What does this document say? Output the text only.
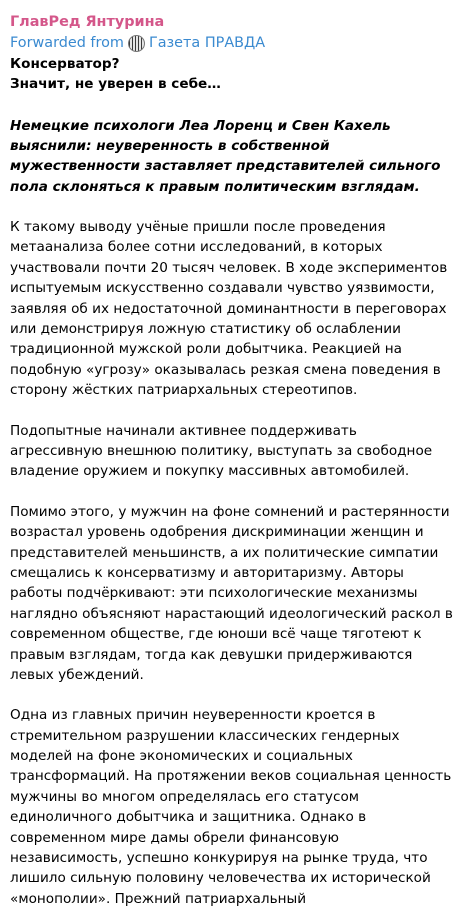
ГлавРед Янтурина
Forwarded from Газета ПРАВДА
Консерватор?
Значит, не уверен в себе…
Немецкие психологи Леа Лоренц и Свен Кахель выяснили: неуверенность в собственной мужественности заставляет представителей сильного пола склоняться к правым политическим взглядам.

К такому выводу учёные пришли после проведения метаанализа более сотни исследований, в которых участвовали почти 20 тысяч человек. В ходе экспериментов испытуемым искусственно создавали чувство уязвимости, заявляя об их недостаточной доминантности в переговорах или демонстрируя ложную статистику об ослаблении традиционной мужской роли добытчика. Реакцией на подобную «угрозу» оказывалась резкая смена поведения в сторону жёстких патриархальных стереотипов.

Подопытные начинали активнее поддерживать агрессивную внешнюю политику, выступать за свободное владение оружием и покупку массивных автомобилей.

Помимо этого, у мужчин на фоне сомнений и растерянности возрастал уровень одобрения дискриминации женщин и представителей меньшинств, а их политические симпатии смещались к консерватизму и авторитаризму. Авторы работы подчёркивают: эти психологические механизмы наглядно объясняют нарастающий идеологический раскол в современном обществе, где юноши всё чаще тяготеют к правым взглядам, тогда как девушки придерживаются левых убеждений.

Одна из главных причин неуверенности кроется в стремительном разрушении классических гендерных моделей на фоне экономических и социальных трансформаций. На протяжении веков социальная ценность мужчины во многом определялась его статусом единоличного добытчика и защитника. Однако в современном мире дамы обрели финансовую независимость, успешно конкурируя на рынке труда, что лишило сильную половину человечества их исторической «монополии». Прежний патриархальный
